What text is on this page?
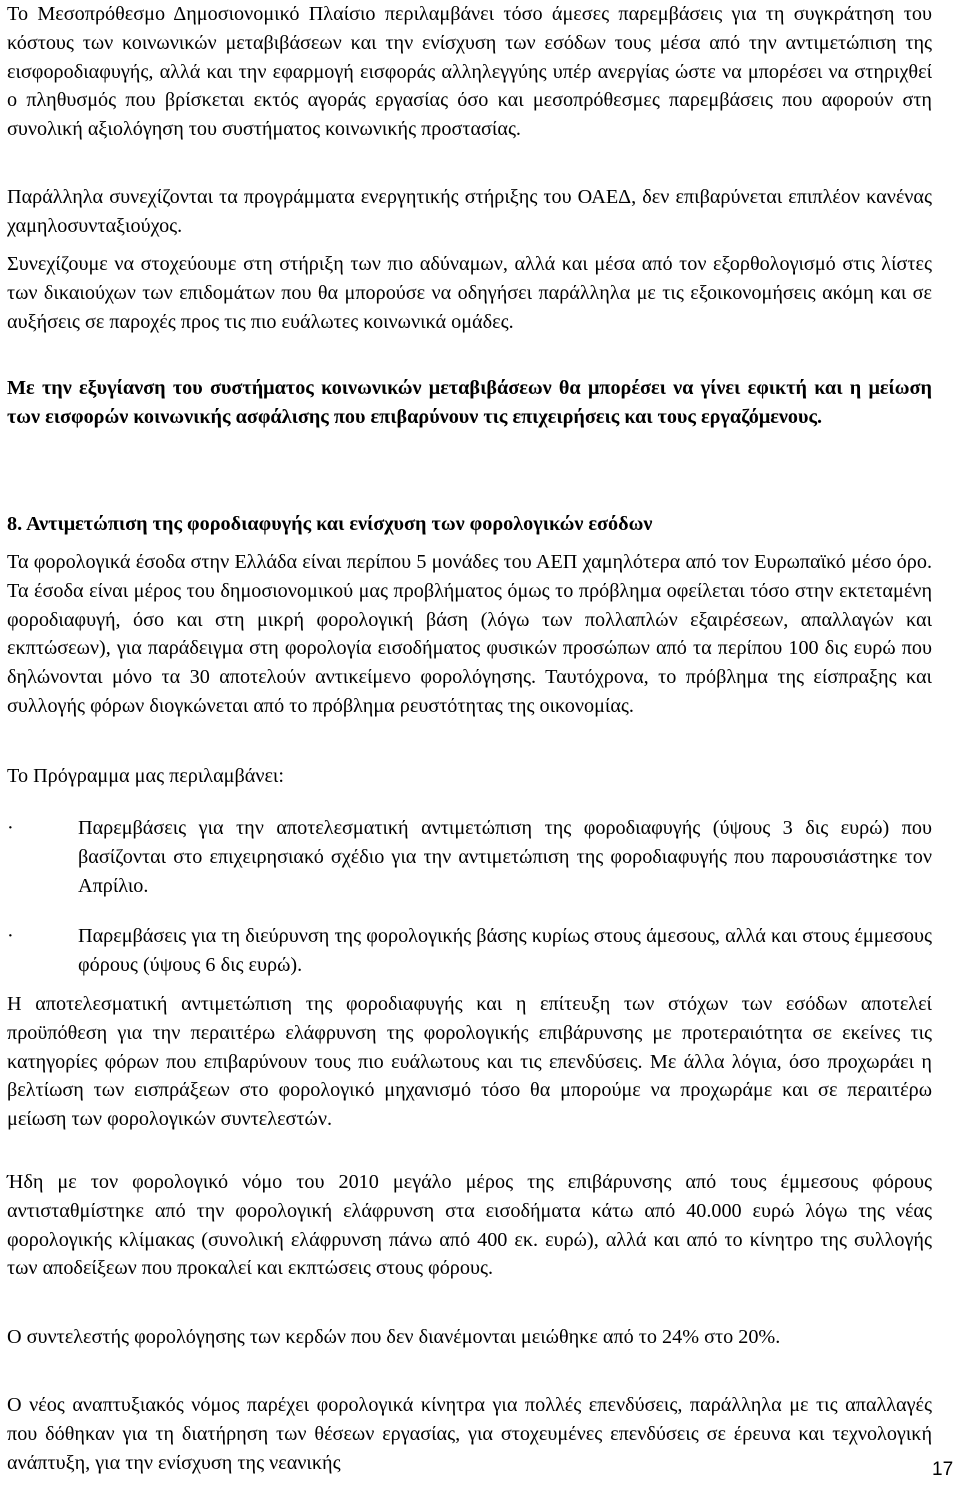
Το Μεσοπρόθεσμο Δημοσιονομικό Πλαίσιο περιλαμβάνει τόσο άμεσες παρεμβάσεις για τη συγκράτηση του κόστους των κοινωνικών μεταβιβάσεων και την ενίσχυση των εσόδων τους μέσα από την αντιμετώπιση της εισφοροδιαφυγής, αλλά και την εφαρμογή εισφοράς αλληλεγγύης υπέρ ανεργίας ώστε να μπορέσει να στηριχθεί ο πληθυσμός που βρίσκεται εκτός αγοράς εργασίας όσο και μεσοπρόθεσμες παρεμβάσεις που αφορούν στη συνολική αξιολόγηση του συστήματος κοινωνικής προστασίας.

Παράλληλα συνεχίζονται τα προγράμματα ενεργητικής στήριξης του ΟΑΕΔ, δεν επιβαρύνεται επιπλέον κανένας χαμηλοσυνταξιούχος.

Συνεχίζουμε να στοχεύουμε στη στήριξη των πιο αδύναμων, αλλά και μέσα από τον εξορθολογισμό στις λίστες των δικαιούχων των επιδομάτων που θα μπορούσε να οδηγήσει παράλληλα με τις εξοικονομήσεις ακόμη και σε αυξήσεις σε παροχές προς τις πιο ευάλωτες κοινωνικά ομάδες.

Με την εξυγίανση του συστήματος κοινωνικών μεταβιβάσεων θα μπορέσει να γίνει εφικτή και η μείωση των εισφορών κοινωνικής ασφάλισης που επιβαρύνουν τις επιχειρήσεις και τους εργαζόμενους.

8. Αντιμετώπιση της φοροδιαφυγής και ενίσχυση των φορολογικών εσόδων

Τα φορολογικά έσοδα στην Ελλάδα είναι περίπου 5 μονάδες του ΑΕΠ χαμηλότερα από τον Ευρωπαϊκό μέσο όρο. Τα έσοδα είναι μέρος του δημοσιονομικού μας προβλήματος όμως το πρόβλημα οφείλεται τόσο στην εκτεταμένη φοροδιαφυγή, όσο και στη μικρή φορολογική βάση (λόγω των πολλαπλών εξαιρέσεων, απαλλαγών και εκπτώσεων), για παράδειγμα στη φορολογία εισοδήματος φυσικών προσώπων από τα περίπου 100 δις ευρώ που δηλώνονται μόνο τα 30 αποτελούν αντικείμενο φορολόγησης. Ταυτόχρονα, το πρόβλημα της είσπραξης και συλλογής φόρων διογκώνεται από το πρόβλημα ρευστότητας της οικονομίας.

Το Πρόγραμμα μας περιλαμβάνει:

·	Παρεμβάσεις για την αποτελεσματική αντιμετώπιση της φοροδιαφυγής (ύψους 3 δις ευρώ) που βασίζονται στο επιχειρησιακό σχέδιο για την αντιμετώπιση της φοροδιαφυγής που παρουσιάστηκε τον Απρίλιο.

·	Παρεμβάσεις για τη διεύρυνση της φορολογικής βάσης κυρίως στους άμεσους, αλλά και στους έμμεσους φόρους (ύψους 6 δις ευρώ).

Η αποτελεσματική αντιμετώπιση της φοροδιαφυγής και η επίτευξη των στόχων των εσόδων αποτελεί προϋπόθεση για την περαιτέρω ελάφρυνση της φορολογικής επιβάρυνσης με προτεραιότητα σε εκείνες τις κατηγορίες φόρων που επιβαρύνουν τους πιο ευάλωτους και τις επενδύσεις. Με άλλα λόγια, όσο προχωράει η βελτίωση των εισπράξεων στο φορολογικό μηχανισμό τόσο θα μπορούμε να προχωράμε και σε περαιτέρω μείωση των φορολογικών συντελεστών.

Ήδη με τον φορολογικό νόμο του 2010 μεγάλο μέρος της επιβάρυνσης από τους έμμεσους φόρους αντισταθμίστηκε από την φορολογική ελάφρυνση στα εισοδήματα κάτω από 40.000 ευρώ λόγω της νέας φορολογικής κλίμακας (συνολική ελάφρυνση πάνω από 400 εκ. ευρώ), αλλά και από το κίνητρο της συλλογής των αποδείξεων που προκαλεί και εκπτώσεις στους φόρους.

Ο συντελεστής φορολόγησης των κερδών που δεν διανέμονται μειώθηκε από το 24% στο 20%.

Ο νέος αναπτυξιακός νόμος παρέχει φορολογικά κίνητρα για πολλές επενδύσεις, παράλληλα με τις απαλλαγές που δόθηκαν για τη διατήρηση των θέσεων εργασίας, για στοχευμένες επενδύσεις σε έρευνα και τεχνολογική ανάπτυξη, για την ενίσχυση της νεανικής	17
